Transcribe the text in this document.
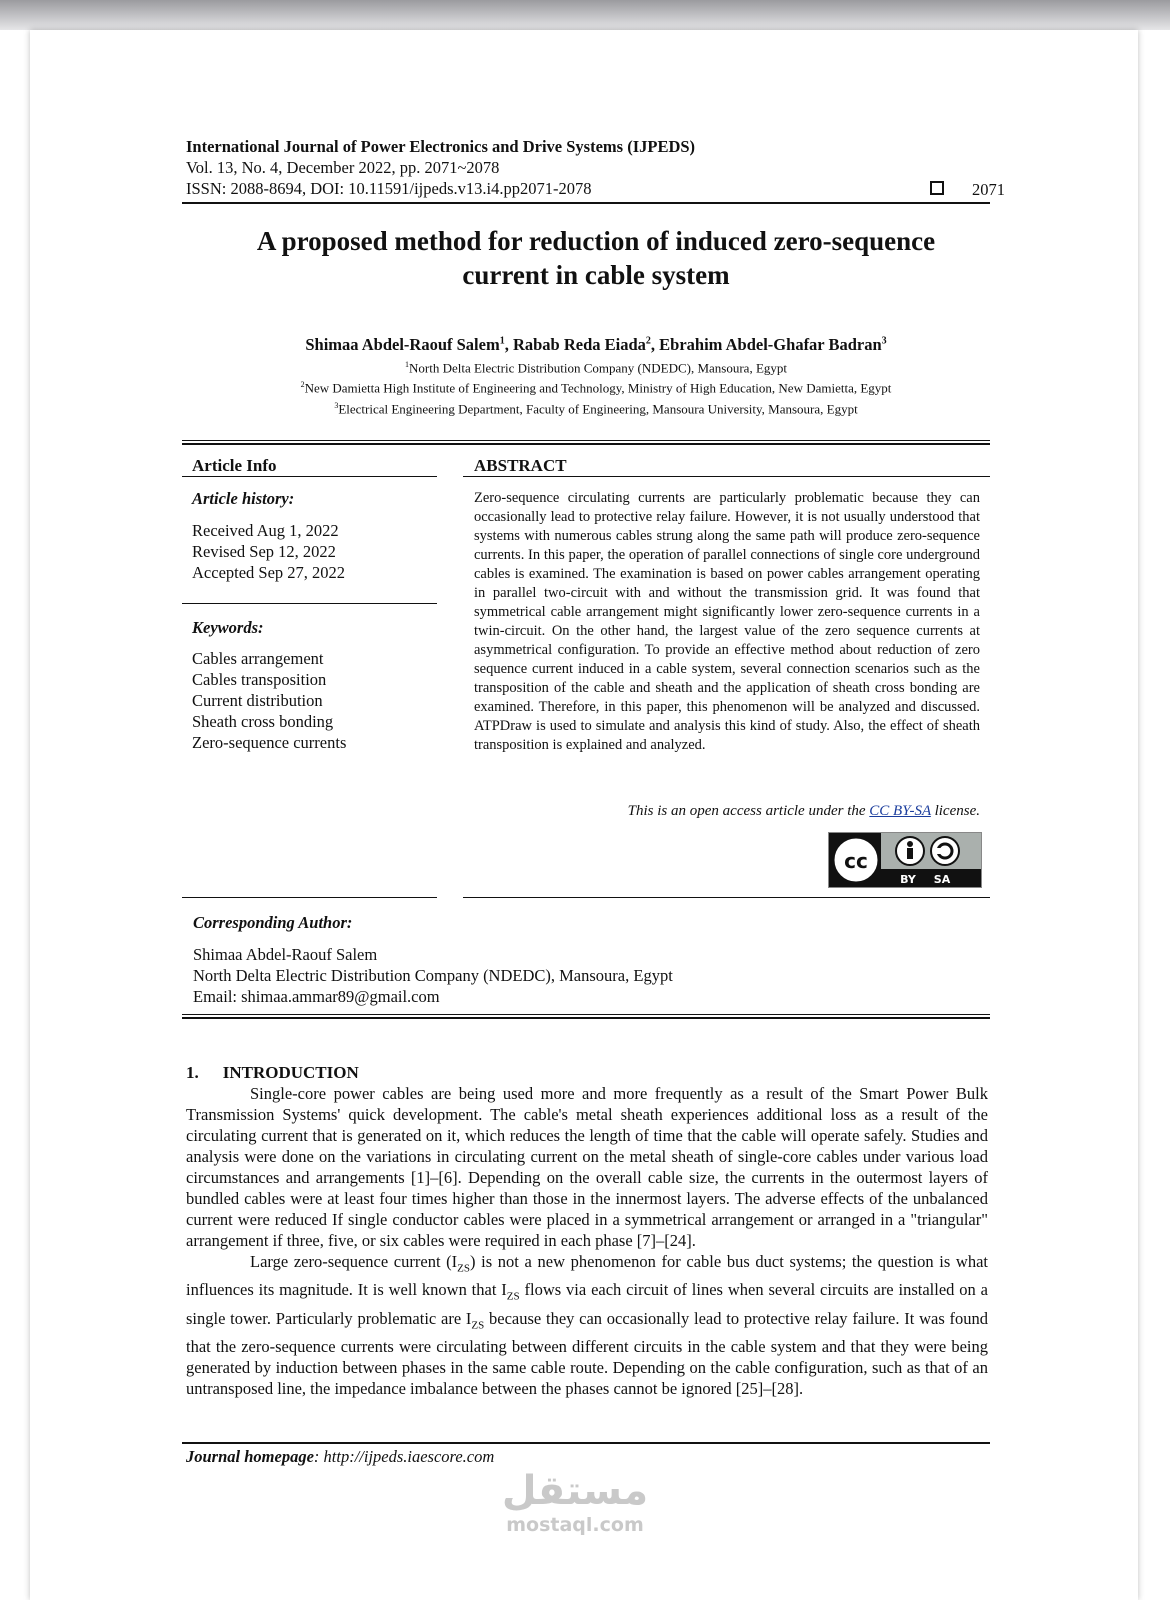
International Journal of Power Electronics and Drive Systems (IJPEDS)
Vol. 13, No. 4, December 2022, pp. 2071~2078
ISSN: 2088-8694, DOI: 10.11591/ijpeds.v13.i4.pp2071-2078	2071
A proposed method for reduction of induced zero-sequence
current in cable system
Shimaa Abdel-Raouf Salem$^1$, Rabab Reda Eiada$^2$, Ebrahim Abdel-Ghafar Badran$^3$
$^1$North Delta Electric Distribution Company (NDEDC), Mansoura, Egypt
$^2$New Damietta High Institute of Engineering and Technology, Ministry of High Education, New Damietta, Egypt
$^3$Electrical Engineering Department, Faculty of Engineering, Mansoura University, Mansoura, Egypt
Article Info
Article history:
Received Aug 1, 2022
Revised Sep 12, 2022
Accepted Sep 27, 2022
Keywords:
Cables arrangement
Cables transposition
Current distribution
Sheath cross bonding
Zero-sequence currents
ABSTRACT
Zero-sequence circulating currents are particularly problematic because they can occasionally lead to protective relay failure. However, it is not usually understood that systems with numerous cables strung along the same path will produce zero-sequence currents. In this paper, the operation of parallel connections of single core underground cables is examined. The examination is based on power cables arrangement operating in parallel two-circuit with and without the transmission grid. It was found that symmetrical cable arrangement might significantly lower zero-sequence currents in a twin-circuit. On the other hand, the largest value of the zero sequence currents at asymmetrical configuration. To provide an effective method about reduction of zero sequence current induced in a cable system, several connection scenarios such as the transposition of the cable and sheath and the application of sheath cross bonding are examined. Therefore, in this paper, this phenomenon will be analyzed and discussed. ATPDraw is used to simulate and analysis this kind of study. Also, the effect of sheath transposition is explained and analyzed.
This is an open access article under the CC BY-SA license.
cc
BY SA
Corresponding Author:
Shimaa Abdel-Raouf Salem
North Delta Electric Distribution Company (NDEDC), Mansoura, Egypt
Email: shimaa.ammar89@gmail.com
1. INTRODUCTION

Single-core power cables are being used more and more frequently as a result of the Smart Power Bulk Transmission Systems' quick development. The cable's metal sheath experiences additional loss as a result of the circulating current that is generated on it, which reduces the length of time that the cable will operate safely. Studies and analysis were done on the variations in circulating current on the metal sheath of single-core cables under various load circumstances and arrangements [1]–[6]. Depending on the overall cable size, the currents in the outermost layers of bundled cables were at least four times higher than those in the innermost layers. The adverse effects of the unbalanced current were reduced If single conductor cables were placed in a symmetrical arrangement or arranged in a "triangular" arrangement if three, five, or six cables were required in each phase [7]–[24].

Large zero-sequence current $(I_{ZS})$ is not a new phenomenon for cable bus duct systems; the question is what influences its magnitude. It is well known that $I_{ZS}$ flows via each circuit of lines when several circuits are installed on a single tower. Particularly problematic are $I_{ZS}$ because they can occasionally lead to protective relay failure. It was found that the zero-sequence currents were circulating between different circuits in the cable system and that they were being generated by induction between phases in the same cable route. Depending on the cable configuration, such as that of an untransposed line, the impedance imbalance between the phases cannot be ignored [25]–[28].

Journal homepage: http://ijpeds.iaescore.com
مستقل
mostaql.com
